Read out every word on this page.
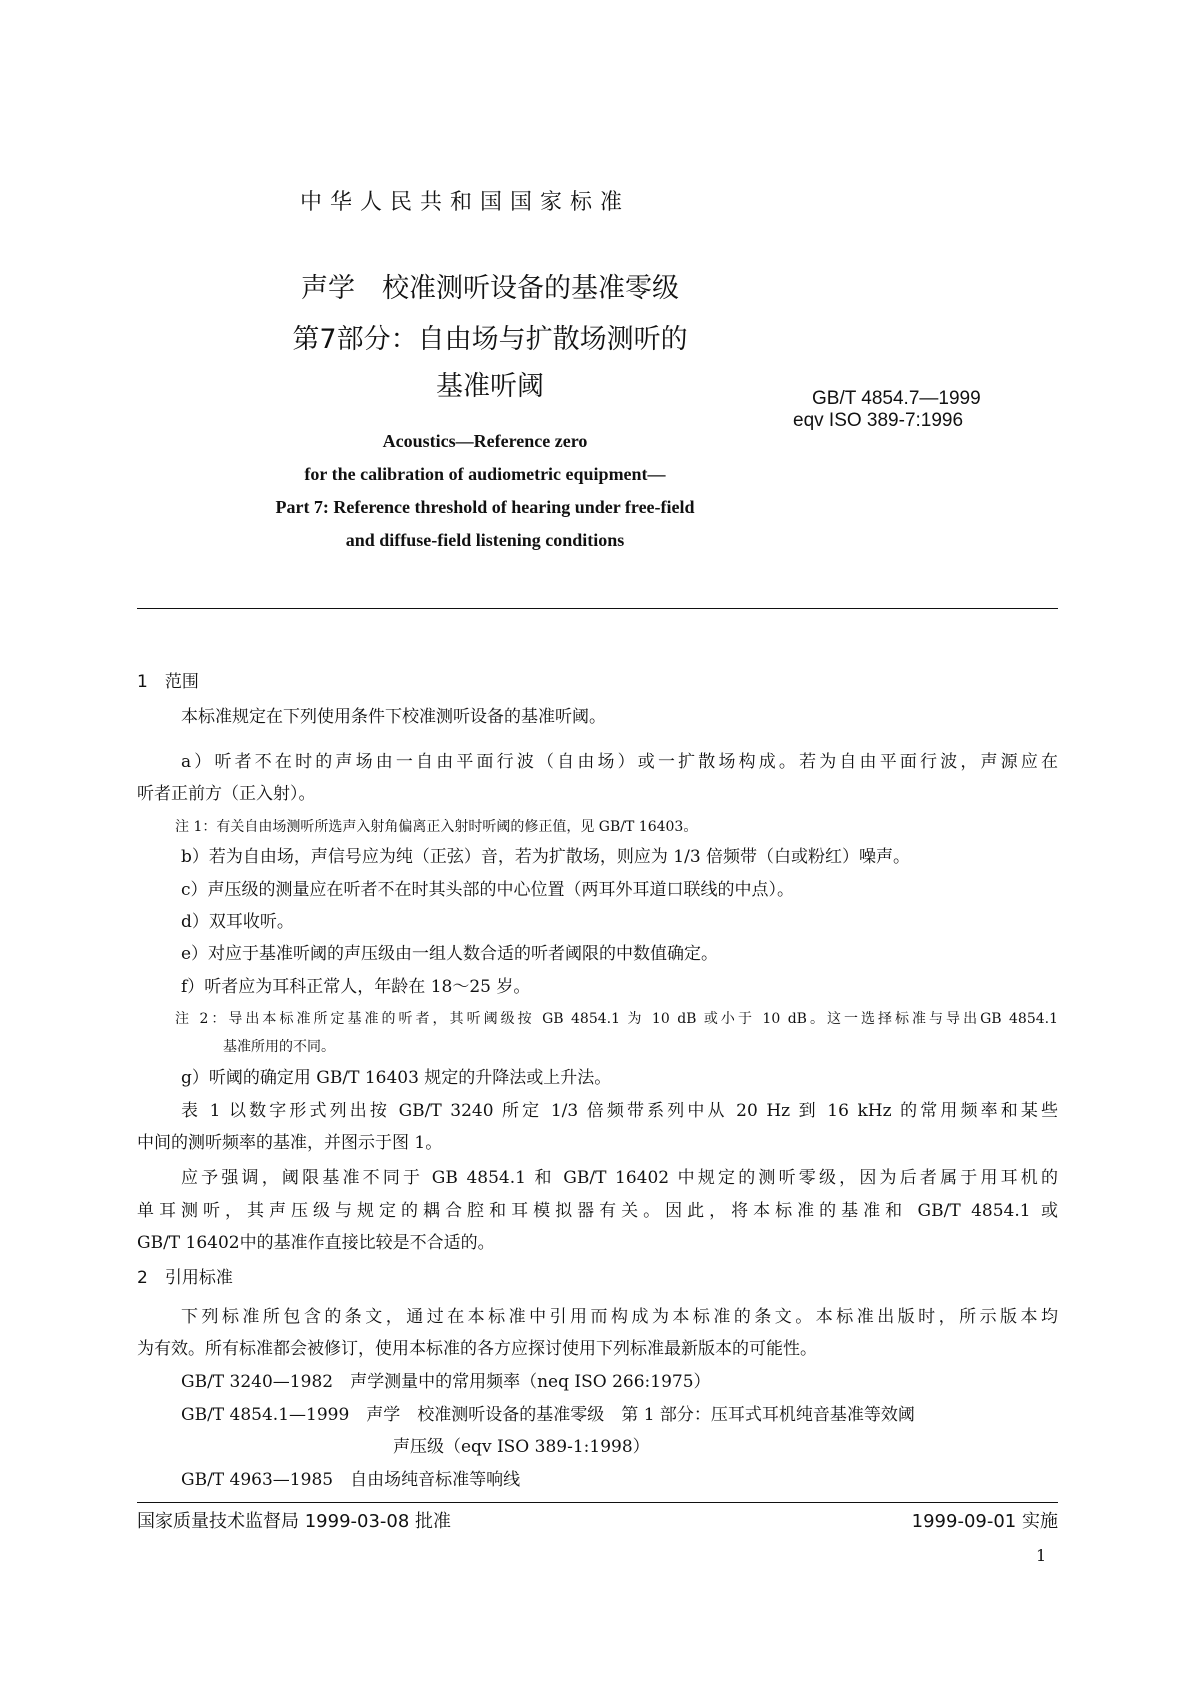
中华人民共和国国家标准
声学　校准测听设备的基准零级
第7部分：自由场与扩散场测听的
基准听阈	GB/T 4854.7—1999
eqv ISO 389-7:1996
Acoustics—Reference zero
for the calibration of audiometric equipment—
Part 7: Reference threshold of hearing under free-field
and diffuse-field listening conditions
1　范围
本标准规定在下列使用条件下校准测听设备的基准听阈。
a）听者不在时的声场由一自由平面行波（自由场）或一扩散场构成。若为自由平面行波，声源应在
听者正前方（正入射）。
注 1：有关自由场测听所选声入射角偏离正入射时听阈的修正值，见 GB/T 16403。
b）若为自由场，声信号应为纯（正弦）音，若为扩散场，则应为 1/3 倍频带（白或粉红）噪声。
c）声压级的测量应在听者不在时其头部的中心位置（两耳外耳道口联线的中点）。
d）双耳收听。
e）对应于基准听阈的声压级由一组人数合适的听者阈限的中数值确定。
f）听者应为耳科正常人，年龄在 18～25 岁。
注 2：导出本标准所定基准的听者，其听阈级按 GB 4854.1 为 10 dB 或小于 10 dB。这一选择标准与导出GB 4854.1
基准所用的不同。
g）听阈的确定用 GB/T 16403 规定的升降法或上升法。
表 1 以数字形式列出按 GB/T 3240 所定 1/3 倍频带系列中从 20 Hz 到 16 kHz 的常用频率和某些
中间的测听频率的基准，并图示于图 1。
应予强调，阈限基准不同于 GB 4854.1 和 GB/T 16402 中规定的测听零级，因为后者属于用耳机的
单耳测听，其声压级与规定的耦合腔和耳模拟器有关。因此，将本标准的基准和 GB/T 4854.1 或
GB/T 16402中的基准作直接比较是不合适的。
2　引用标准
下列标准所包含的条文，通过在本标准中引用而构成为本标准的条文。本标准出版时，所示版本均
为有效。所有标准都会被修订，使用本标准的各方应探讨使用下列标准最新版本的可能性。
GB/T 3240—1982　 声学测量中的常用频率（neq ISO 266:1975）
GB/T 4854.1—1999　 声学　校准测听设备的基准零级　第 1 部分：压耳式耳机纯音基准等效阈
声压级（eqv ISO 389-1:1998）
GB/T 4963—1985　 自由场纯音标准等响线
国家质量技术监督局 1999-03-08 批准	1999-09-01 实施
1
